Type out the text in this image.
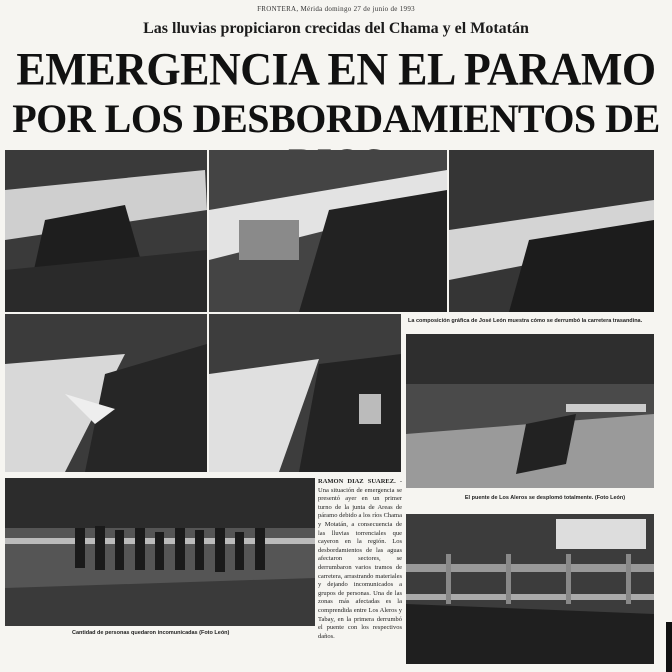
FRONTERA, Mérida domingo 27 de junio de 1993
Las lluvias propiciaron crecidas del Chama y el Motatán
EMERGENCIA EN EL PARAMO
POR LOS DESBORDAMIENTOS DE
La composición gráfica de José León muestra cómo se derrumbó la carretera trasandina.
El puente de Los Aleros se desplomó totalmente. (Foto León)
Cantidad de personas quedaron incomunicadas (Foto León)
RAMON DIAZ SUAREZ. - Una situación de emergencia se presentó ayer en un primer turno de la junta de Areas de páramo debido a los ríos Chama y Motatán, a consecuencia de las lluvias torrenciales que cayeron en la región. Los desbordamientos de las aguas afectaron sectores, se derrumbaron varios tramos de carretera, arrastrando materiales y dejando incomunicados a grupos de personas. Una de las zonas más afectadas es la comprendida entre Los Aleros y Tabay, en la primera derrumbó el puente con los respectivos daños.
